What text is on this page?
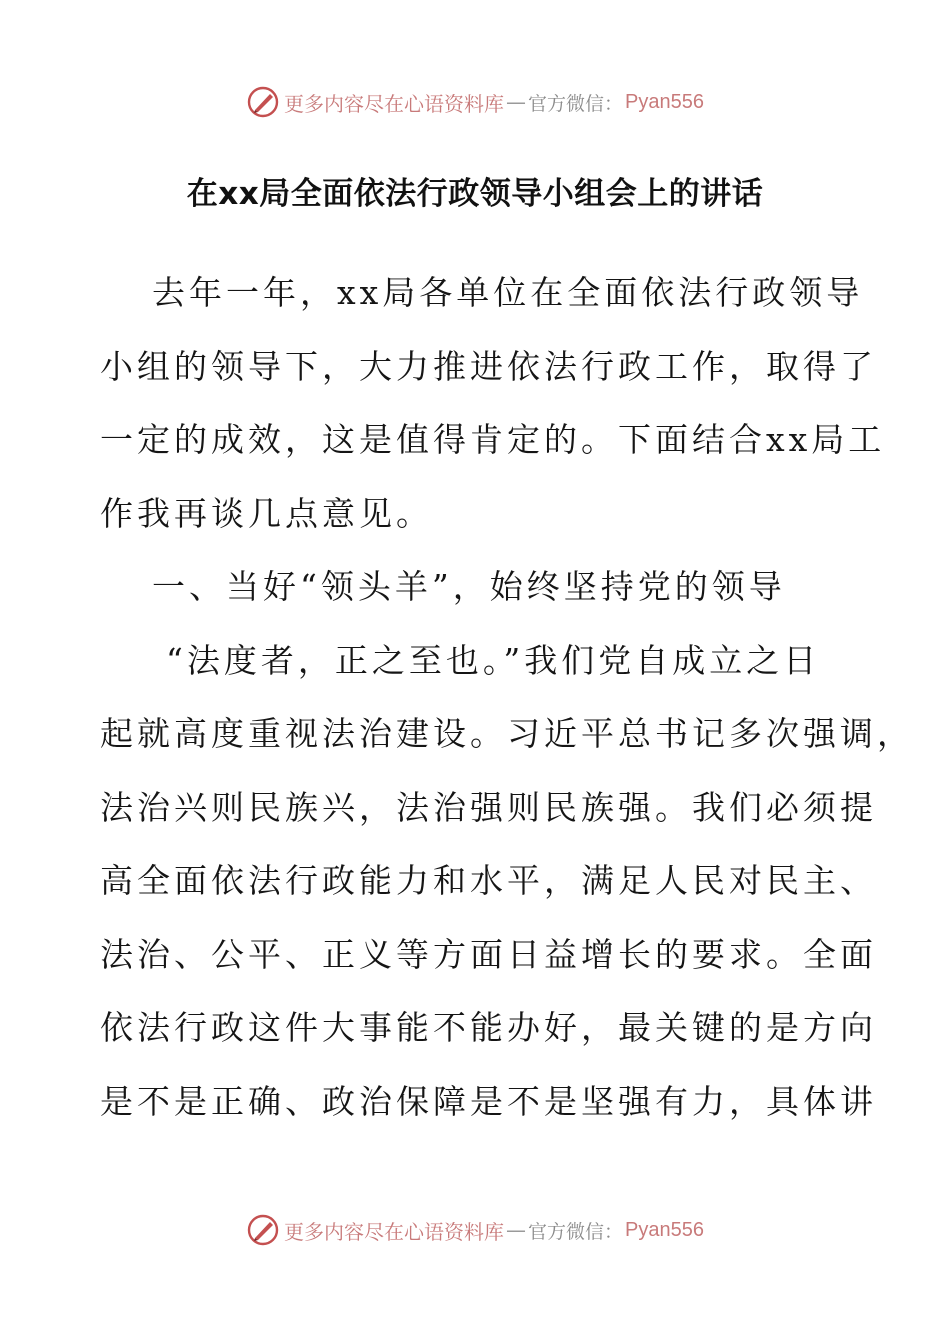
更多内容尽在心语资料库 — 官方微信： Pyan556
在xx局全面依法行政领导小组会上的讲话
去年一年，xx局各单位在全面依法行政领导
小组的领导下，大力推进依法行政工作，取得了
一定的成效，这是值得肯定的。下面结合xx局工
作我再谈几点意见。
一、当好“领头羊”，始终坚持党的领导
“法度者，正之至也。”我们党自成立之日
起就高度重视法治建设。习近平总书记多次强调，
法治兴则民族兴，法治强则民族强。我们必须提
高全面依法行政能力和水平，满足人民对民主、
法治、公平、正义等方面日益增长的要求。全面
依法行政这件大事能不能办好，最关键的是方向
是不是正确、政治保障是不是坚强有力，具体讲
更多内容尽在心语资料库 — 官方微信： Pyan556
